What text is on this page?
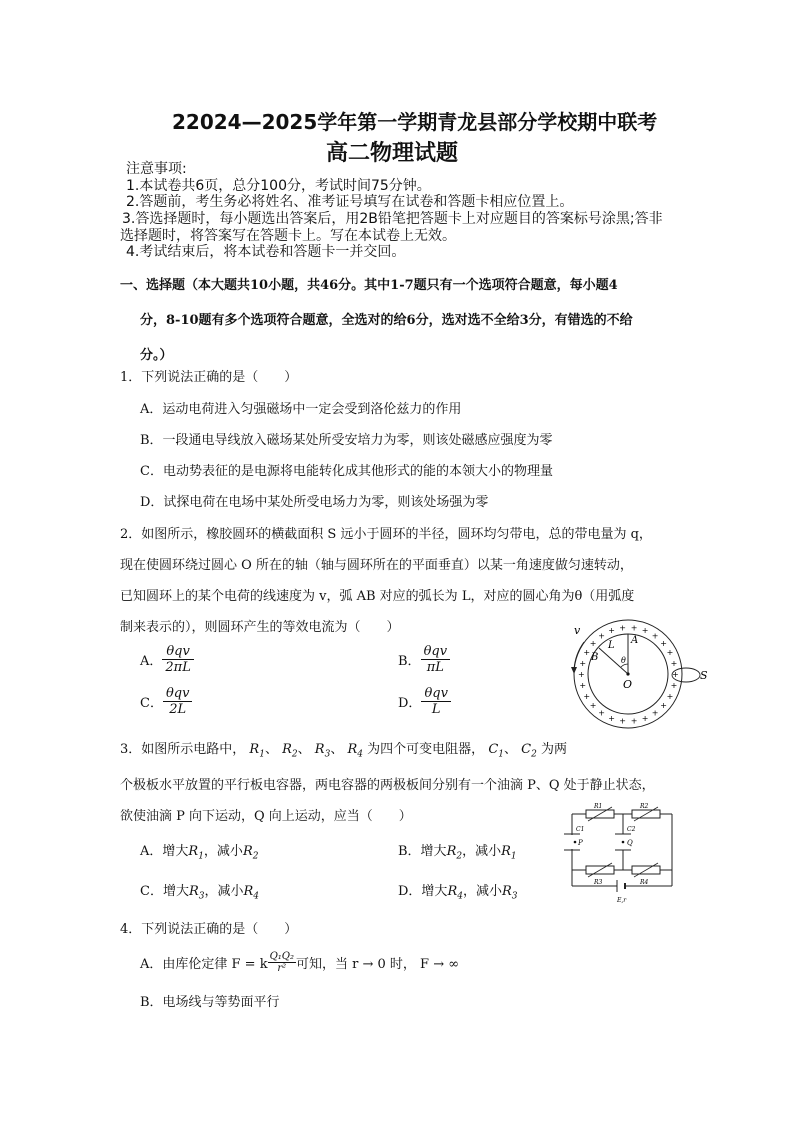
22024—2025学年第一学期青龙县部分学校期中联考
高二物理试题
注意事项:
1.本试卷共6页，总分100分，考试时间75分钟。
2.答题前，考生务必将姓名、准考证号填写在试卷和答题卡相应位置上。
3.答选择题时，每小题选出答案后，用2B铅笔把答题卡上对应题目的答案标号涂黑;答非
选择题时，将答案写在答题卡上。写在本试卷上无效。
4.考试结束后，将本试卷和答题卡一并交回。
一、选择题（本大题共10小题，共46分。其中1-7题只有一个选项符合题意，每小题4
分，8-10题有多个选项符合题意，全选对的给6分，选对选不全给3分，有错选的不给
分。）
1．下列说法正确的是（　　）
A．运动电荷进入匀强磁场中一定会受到洛伦兹力的作用
B．一段通电导线放入磁场某处所受安培力为零，则该处磁感应强度为零
C．电动势表征的是电源将电能转化成其他形式的能的本领大小的物理量
D．试探电荷在电场中某处所受电场力为零，则该处场强为零
2．如图所示，橡胶圆环的横截面积 S 远小于圆环的半径，圆环均匀带电，总的带电量为 q，
现在使圆环绕过圆心 O 所在的轴（轴与圆环所在的平面垂直）以某一角速度做匀速转动，
已知圆环上的某个电荷的线速度为 v，弧 AB 对应的弧长为 L，对应的圆心角为θ（用弧度
制来表示的），则圆环产生的等效电流为（　　）
A． $\frac{\text{θqv}}{2\pi L}$	B． $\frac{\text{θqv}}{\pi L}$
C． $\frac{\text{θqv}}{2L}$	D． $\frac{\text{θqv}}{L}$
+
+
+
+
+
+
+
+
+
+
+
+
+
+
+
+
+
+
+ + + +
+
+
+
+
v
A
L
B	θ
O
S
3．如图所示电路中， $R_1$、 $R_2$、 $R_3$、 $R_4$ 为四个可变电阻器， $C_1$、 $C_2$ 为两
个极板水平放置的平行板电容器，两电容器的两极板间分别有一个油滴 P、Q 处于静止状态，
欲使油滴 P 向下运动，Q 向上运动，应当（　　）
A．增大$R_1$，减小$R_2$	B．增大$R_2$，减小$R_1$
C．增大$R_3$，减小$R_4$	D．增大$R_4$，减小$R_3$
R1	R2
R3	R4
C1	C2
P	Q
E,r
4．下列说法正确的是（　　）
A．由库伦定律 F = k $\frac{\text{Q₁Q₂}}{\text{r²}}$ 可知，当 r → 0 时， F → ∞
B．电场线与等势面平行
